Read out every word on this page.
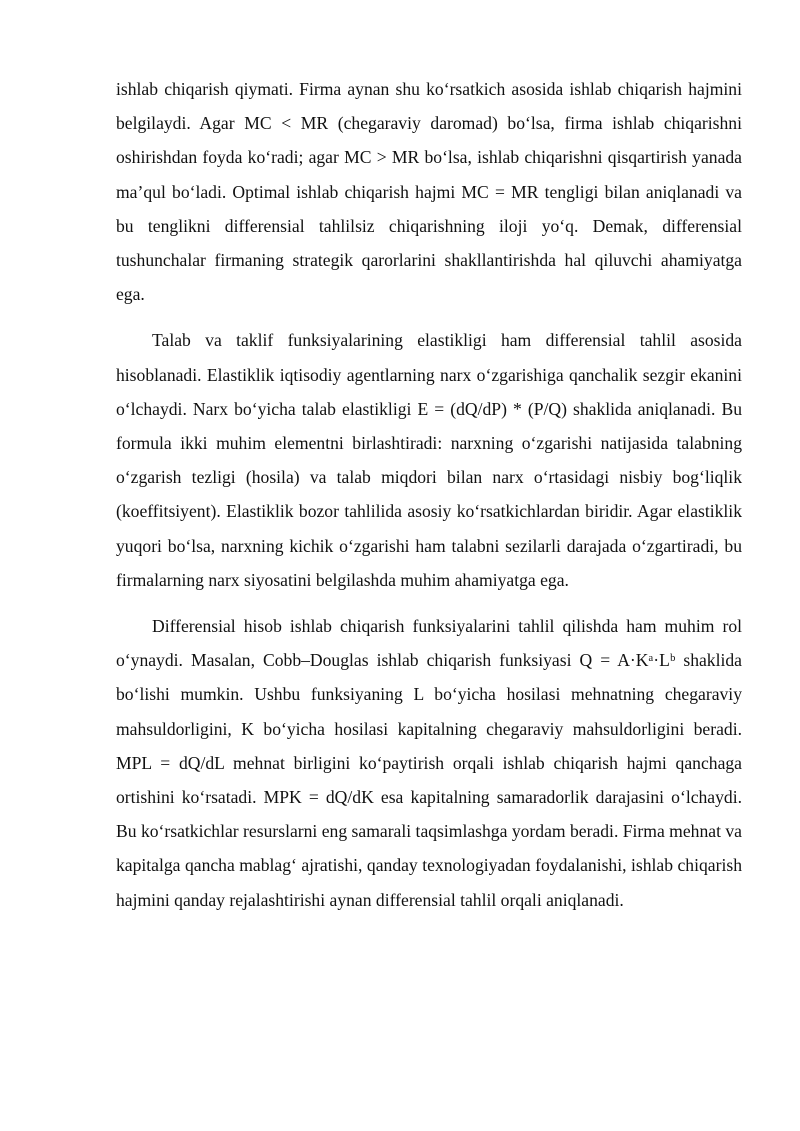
ishlab chiqarish qiymati. Firma aynan shu ko‘rsatkich asosida ishlab chiqarish hajmini belgilaydi. Agar MC < MR (chegaraviy daromad) bo‘lsa, firma ishlab chiqarishni oshirishdan foyda ko‘radi; agar MC > MR bo‘lsa, ishlab chiqarishni qisqartirish yanada ma’qul bo‘ladi. Optimal ishlab chiqarish hajmi MC = MR tengligi bilan aniqlanadi va bu tenglikni differensial tahlilsiz chiqarishning iloji yo‘q. Demak, differensial tushunchalar firmaning strategik qarorlarini shakllantirishda hal qiluvchi ahamiyatga ega.

Talab va taklif funksiyalarining elastikligi ham differensial tahlil asosida hisoblanadi. Elastiklik iqtisodiy agentlarning narx o‘zgarishiga qanchalik sezgir ekanini o‘lchaydi. Narx bo‘yicha talab elastikligi E = (dQ/dP) * (P/Q) shaklida aniqlanadi. Bu formula ikki muhim elementni birlashtiradi: narxning o‘zgarishi natijasida talabning o‘zgarish tezligi (hosila) va talab miqdori bilan narx o‘rtasidagi nisbiy bog‘liqlik (koeffitsiyent). Elastiklik bozor tahlilida asosiy ko‘rsatkichlardan biridir. Agar elastiklik yuqori bo‘lsa, narxning kichik o‘zgarishi ham talabni sezilarli darajada o‘zgartiradi, bu firmalarning narx siyosatini belgilashda muhim ahamiyatga ega.

Differensial hisob ishlab chiqarish funksiyalarini tahlil qilishda ham muhim rol o‘ynaydi. Masalan, Cobb–Douglas ishlab chiqarish funksiyasi Q = A·Kᵃ·Lᵇ shaklida bo‘lishi mumkin. Ushbu funksiyaning L bo‘yicha hosilasi mehnatning chegaraviy mahsuldorligini, K bo‘yicha hosilasi kapitalning chegaraviy mahsuldorligini beradi. MPL = dQ/dL mehnat birligini ko‘paytirish orqali ishlab chiqarish hajmi qanchaga ortishini ko‘rsatadi. MPK = dQ/dK esa kapitalning samaradorlik darajasini o‘lchaydi. Bu ko‘rsatkichlar resurslarni eng samarali taqsimlashga yordam beradi. Firma mehnat va kapitalga qancha mablag‘ ajratishi, qanday texnologiyadan foydalanishi, ishlab chiqarish hajmini qanday rejalashtirishi aynan differensial tahlil orqali aniqlanadi.
